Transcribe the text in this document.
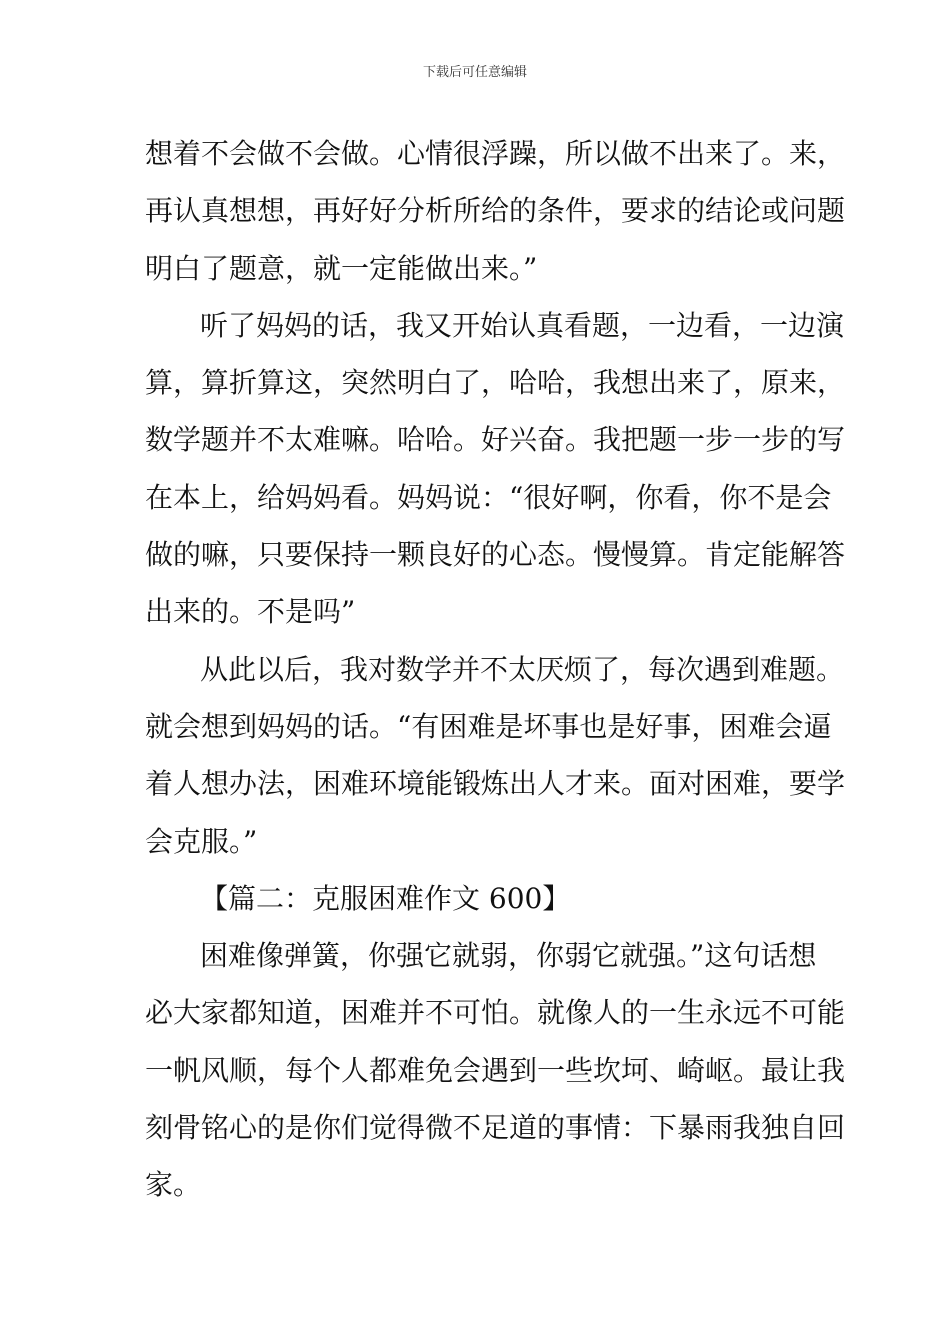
下载后可任意编辑
想着不会做不会做。心情很浮躁，所以做不出来了。来，
再认真想想，再好好分析所给的条件，要求的结论或问题
明白了题意，就一定能做出来。”
听了妈妈的话，我又开始认真看题，一边看，一边演
算，算折算这，突然明白了，哈哈，我想出来了，原来，
数学题并不太难嘛。哈哈。好兴奋。我把题一步一步的写
在本上，给妈妈看。妈妈说：“很好啊，你看，你不是会
做的嘛，只要保持一颗良好的心态。慢慢算。肯定能解答
出来的。不是吗”
从此以后，我对数学并不太厌烦了，每次遇到难题。
就会想到妈妈的话。“有困难是坏事也是好事，困难会逼
着人想办法，困难环境能锻炼出人才来。面对困难，要学
会克服。”
【篇二：克服困难作文 600】
困难像弹簧，你强它就弱，你弱它就强。”这句话想
必大家都知道，困难并不可怕。就像人的一生永远不可能
一帆风顺，每个人都难免会遇到一些坎坷、崎岖。最让我
刻骨铭心的是你们觉得微不足道的事情：下暴雨我独自回
家。
